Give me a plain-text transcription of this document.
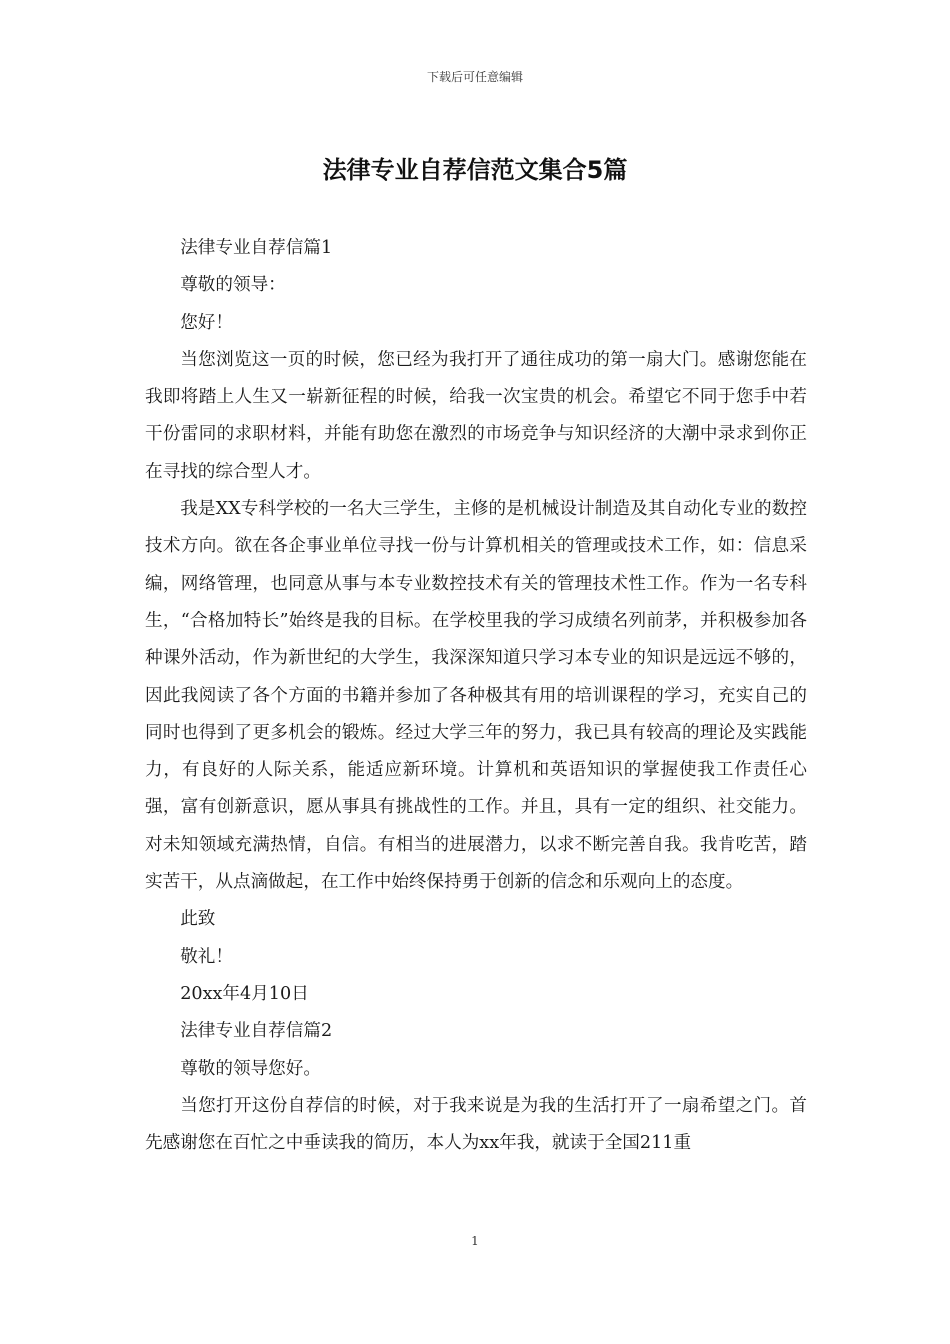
下载后可任意编辑
法律专业自荐信范文集合5篇

法律专业自荐信篇1

尊敬的领导：

您好！

当您浏览这一页的时候，您已经为我打开了通往成功的第一扇大门。感谢您能在我即将踏上人生又一崭新征程的时候，给我一次宝贵的机会。希望它不同于您手中若干份雷同的求职材料，并能有助您在激烈的市场竞争与知识经济的大潮中录求到你正在寻找的综合型人才。

我是XX专科学校的一名大三学生，主修的是机械设计制造及其自动化专业的数控技术方向。欲在各企事业单位寻找一份与计算机相关的管理或技术工作，如：信息采编，网络管理，也同意从事与本专业数控技术有关的管理技术性工作。作为一名专科生，“合格加特长”始终是我的目标。在学校里我的学习成绩名列前茅，并积极参加各种课外活动，作为新世纪的大学生，我深深知道只学习本专业的知识是远远不够的，因此我阅读了各个方面的书籍并参加了各种极其有用的培训课程的学习，充实自己的同时也得到了更多机会的锻炼。经过大学三年的努力，我已具有较高的理论及实践能力，有良好的人际关系，能适应新环境。计算机和英语知识的掌握使我工作责任心强，富有创新意识，愿从事具有挑战性的工作。并且，具有一定的组织、社交能力。对未知领域充满热情，自信。有相当的进展潜力，以求不断完善自我。我肯吃苦，踏实苦干，从点滴做起，在工作中始终保持勇于创新的信念和乐观向上的态度。

此致

敬礼！

20xx年4月10日

法律专业自荐信篇2

尊敬的领导您好。

当您打开这份自荐信的时候，对于我来说是为我的生活打开了一扇希望之门。首先感谢您在百忙之中垂读我的简历，本人为xx年我，就读于全国211重

1
